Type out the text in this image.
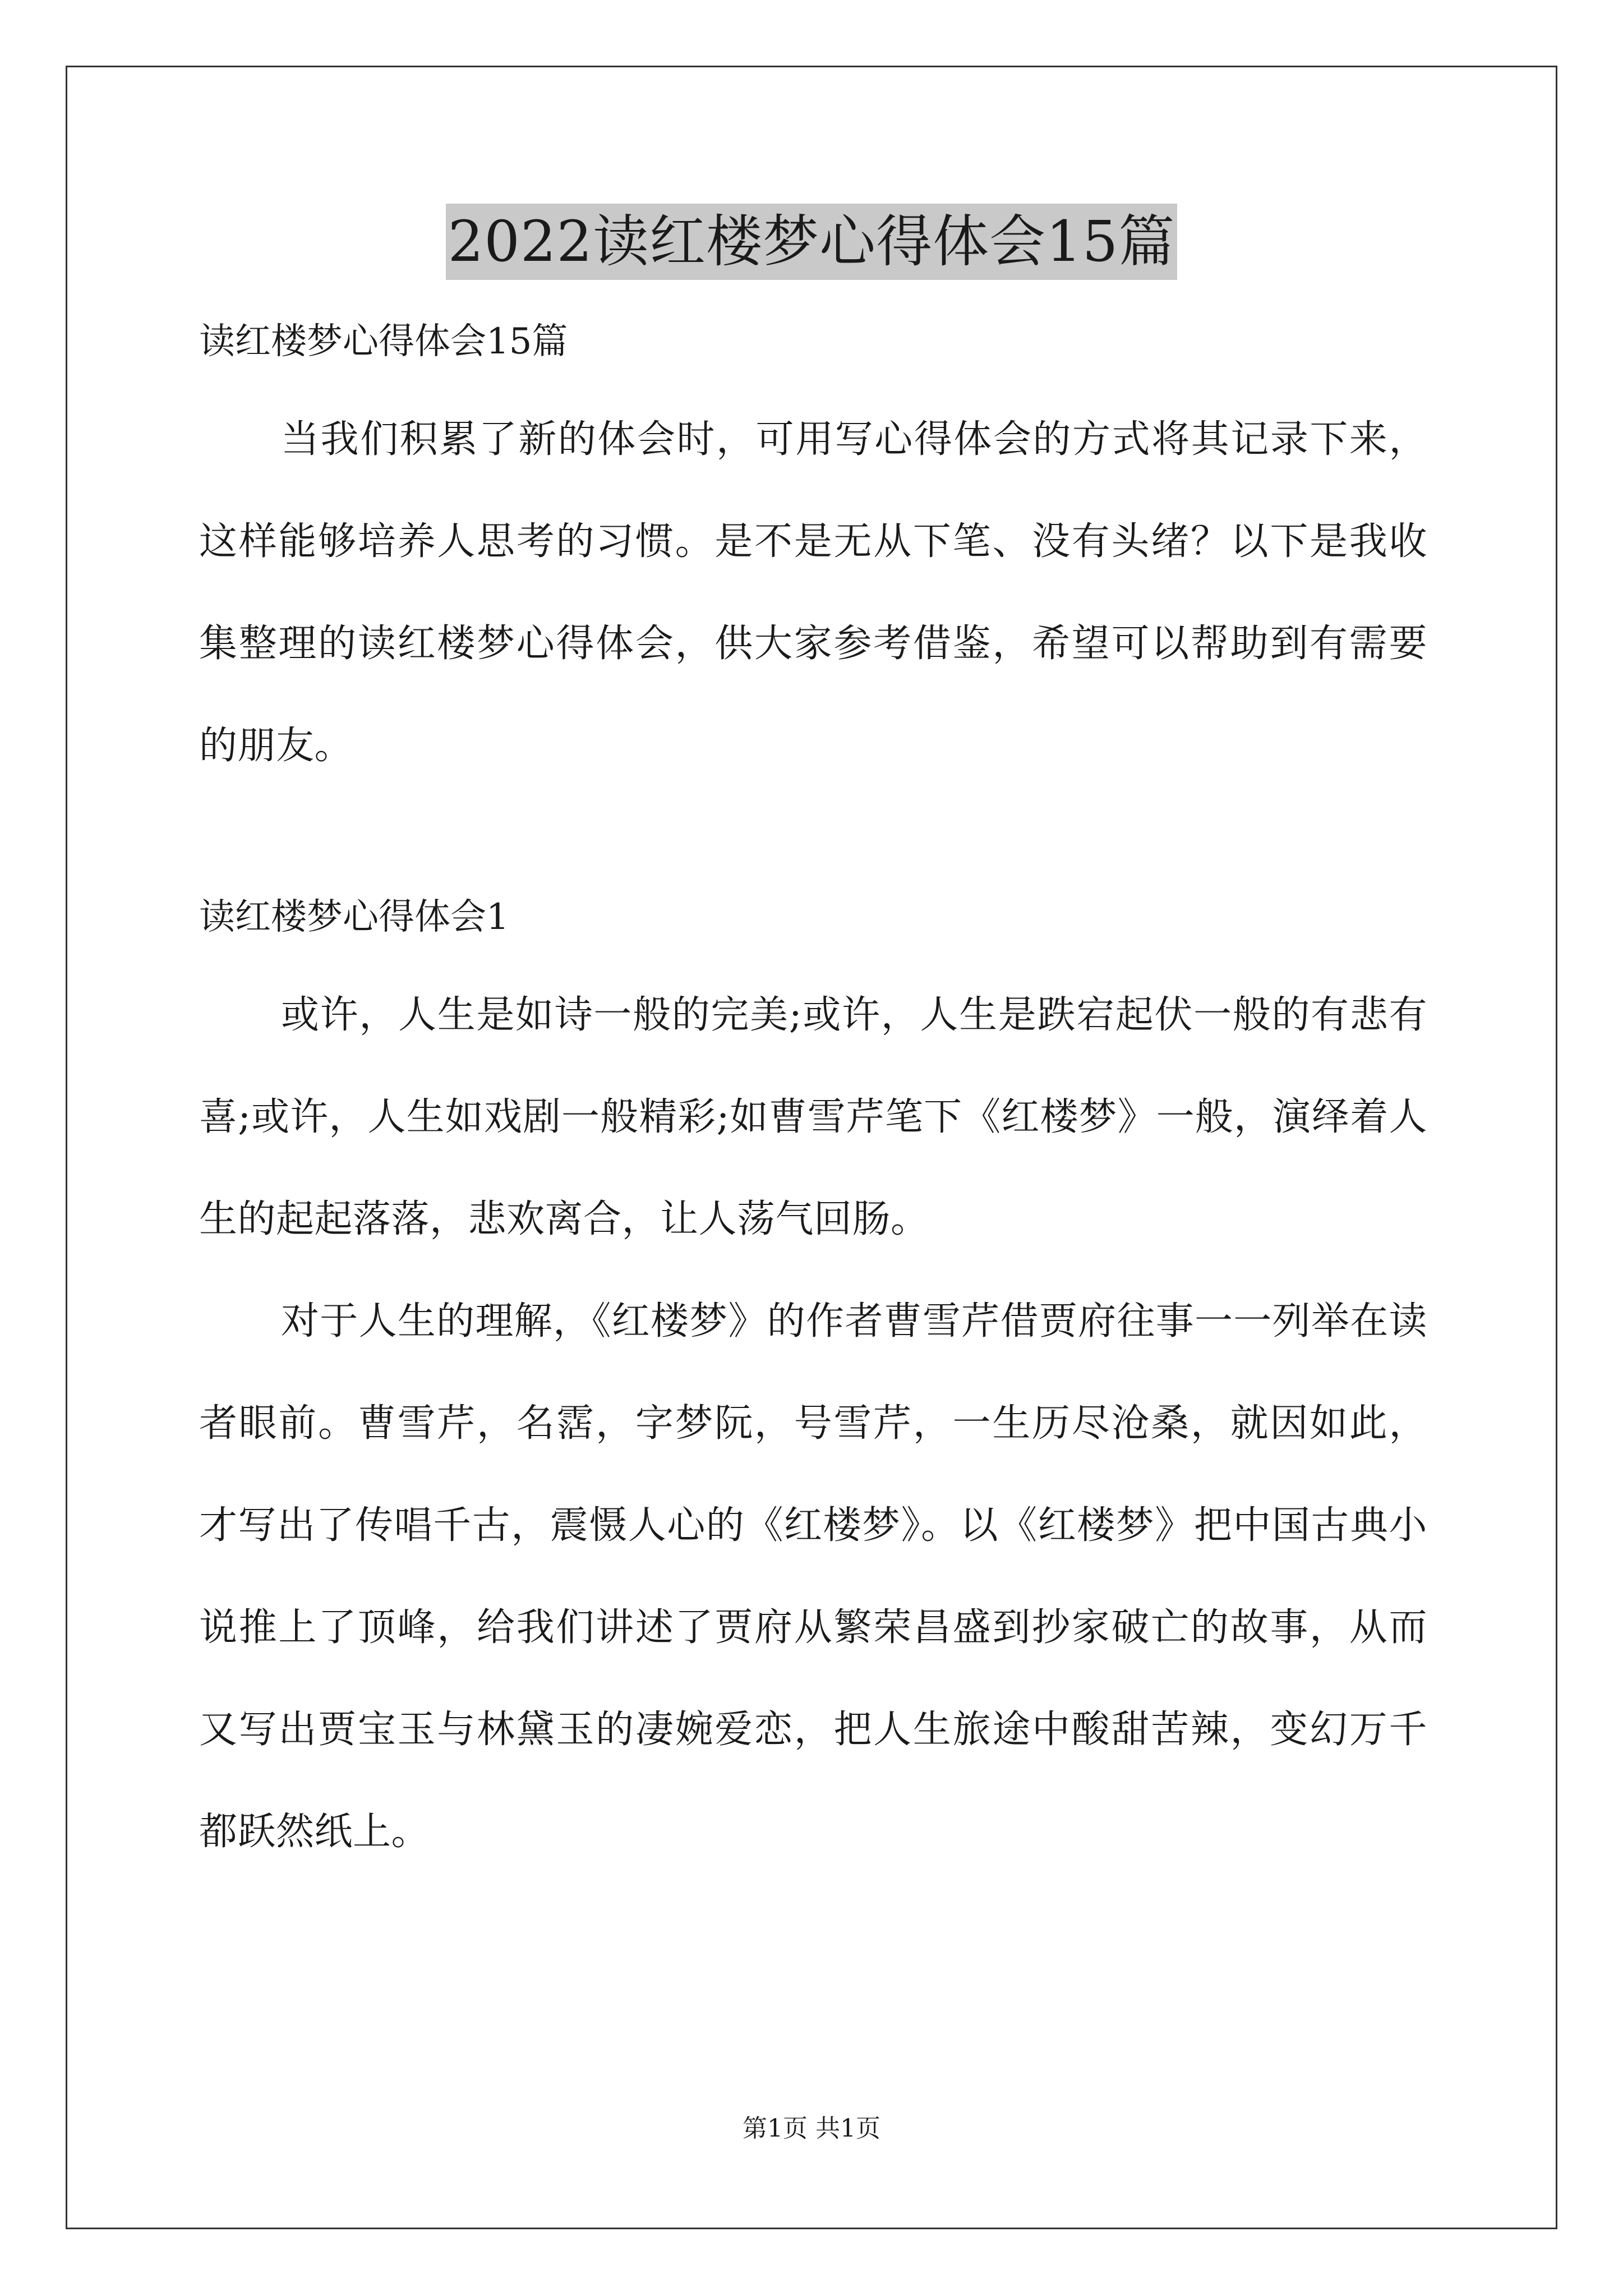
2022读红楼梦心得体会15篇

读红楼梦心得体会15篇

当我们积累了新的体会时，可用写心得体会的方式将其记录下来，这样能够培养人思考的习惯。是不是无从下笔、没有头绪？以下是我收集整理的读红楼梦心得体会，供大家参考借鉴，希望可以帮助到有需要的朋友。

读红楼梦心得体会1

或许，人生是如诗一般的完美;或许，人生是跌宕起伏一般的有悲有喜;或许，人生如戏剧一般精彩;如曹雪芹笔下《红楼梦》一般，演绎着人生的起起落落，悲欢离合，让人荡气回肠。

对于人生的理解，《红楼梦》的作者曹雪芹借贾府往事一一列举在读者眼前。曹雪芹，名霑，字梦阮，号雪芹，一生历尽沧桑，就因如此，才写出了传唱千古，震慑人心的《红楼梦》。以《红楼梦》把中国古典小说推上了顶峰，给我们讲述了贾府从繁荣昌盛到抄家破亡的故事，从而又写出贾宝玉与林黛玉的凄婉爱恋，把人生旅途中酸甜苦辣，变幻万千都跃然纸上。

第1页 共1页
